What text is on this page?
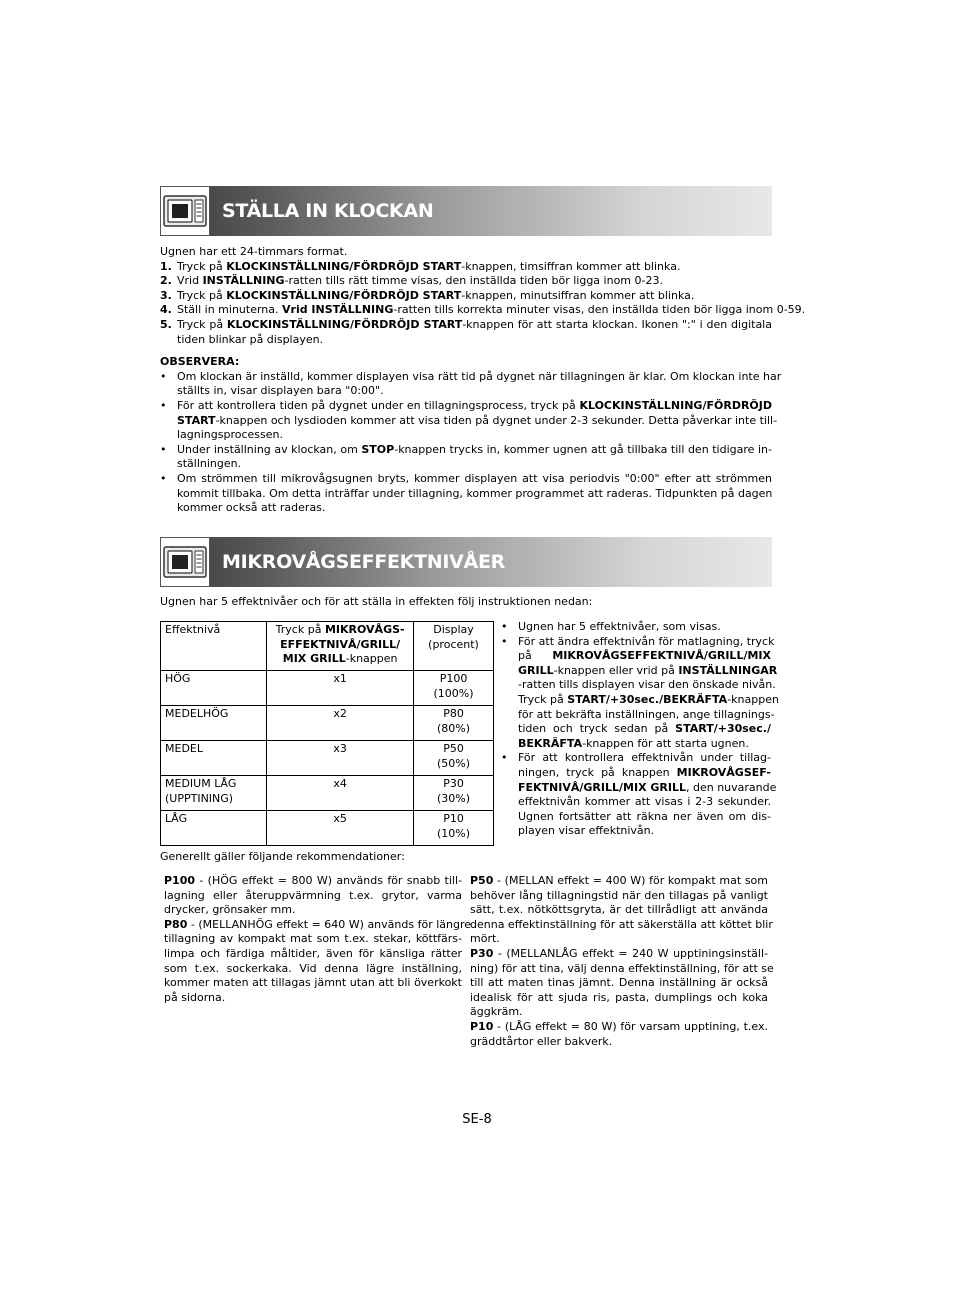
STÄLLA IN KLOCKAN
Ugnen har ett 24-timmars format.
1. Tryck på KLOCKINSTÄLLNING/FÖRDRÖJD START-knappen, timsiffran kommer att blinka.
2. Vrid INSTÄLLNING-ratten tills rätt timme visas, den inställda tiden bör ligga inom 0-23.
3. Tryck på KLOCKINSTÄLLNING/FÖRDRÖJD START-knappen, minutsiffran kommer att blinka.
4. Ställ in minuterna. Vrid INSTÄLLNING-ratten tills korrekta minuter visas, den inställda tiden bör ligga inom 0-59.
5. Tryck på KLOCKINSTÄLLNING/FÖRDRÖJD START-knappen för att starta klockan. Ikonen ":" i den digitala
tiden blinkar på displayen.
OBSERVERA:
• Om klockan är inställd, kommer displayen visa rätt tid på dygnet när tillagningen är klar. Om klockan inte har
ställts in, visar displayen bara "0:00".
• För att kontrollera tiden på dygnet under en tillagningsprocess, tryck på KLOCKINSTÄLLNING/FÖRDRÖJD
START-knappen och lysdioden kommer att visa tiden på dygnet under 2-3 sekunder. Detta påverkar inte till-
lagningsprocessen.
• Under inställning av klockan, om STOP-knappen trycks in, kommer ugnen att gå tillbaka till den tidigare in-
ställningen.
• Om strömmen till mikrovågsugnen bryts, kommer displayen att visa periodvis "0:00" efter att strömmen
kommit tillbaka. Om detta inträffar under tillagning, kommer programmet att raderas. Tidpunkten på dagen
kommer också att raderas.
MIKROVÅGSEFFEKTNIVÅER
Ugnen har 5 effektnivåer och för att ställa in effekten följ instruktionen nedan:
Effektnivå	Tryck på MIKROVÅGS-
EFFEKTNIVÅ/GRILL/
MIX GRILL-knappen	Display
(procent)
HÖG	x1	P100
(100%)
MEDELHÖG	x2	P80
(80%)
MEDEL	x3	P50
(50%)
MEDIUM LÅG
(UPPTINING)	x4	P30
(30%)
LÅG	x5	P10
(10%)
• Ugnen har 5 effektnivåer, som visas.
• För att ändra effektnivån för matlagning, tryck
på MIKROVÅGSEFFEKTNIVÅ/GRILL/MIX
GRILL-knappen eller vrid på INSTÄLLNINGAR
-ratten tills displayen visar den önskade nivån.
Tryck på START/+30sec./BEKRÄFTA-knappen
för att bekräfta inställningen, ange tillagnings-
tiden och tryck sedan på START/+30sec./
BEKRÄFTA-knappen för att starta ugnen.
• För att kontrollera effektnivån under tillag-
ningen, tryck på knappen MIKROVÅGSEF-
FEKTNIVÅ/GRILL/MIX GRILL, den nuvarande
effektnivån kommer att visas i 2-3 sekunder.
Ugnen fortsätter att räkna ner även om dis-
playen visar effektnivån.
Generellt gäller följande rekommendationer:
P100 - (HÖG effekt = 800 W) används för snabb till-
lagning eller återuppvärmning t.ex. grytor, varma
drycker, grönsaker mm.
P80 - (MELLANHÖG effekt = 640 W) används för längre
tillagning av kompakt mat som t.ex. stekar, köttfärs-
limpa och färdiga måltider, även för känsliga rätter
som t.ex. sockerkaka. Vid denna lägre inställning,
kommer maten att tillagas jämnt utan att bli överkokt
på sidorna.
P50 - (MELLAN effekt = 400 W) för kompakt mat som
behöver lång tillagningstid när den tillagas på vanligt
sätt, t.ex. nötköttsgryta, är det tillrådligt att använda
denna effektinställning för att säkerställa att köttet blir
mört.
P30 - (MELLANLÅG effekt = 240 W upptiningsinställ-
ning) för att tina, välj denna effektinställning, för att se
till att maten tinas jämnt. Denna inställning är också
idealisk för att sjuda ris, pasta, dumplings och koka
äggkräm.
P10 - (LÅG effekt = 80 W) för varsam upptining, t.ex.
gräddtårtor eller bakverk.
SE-8
